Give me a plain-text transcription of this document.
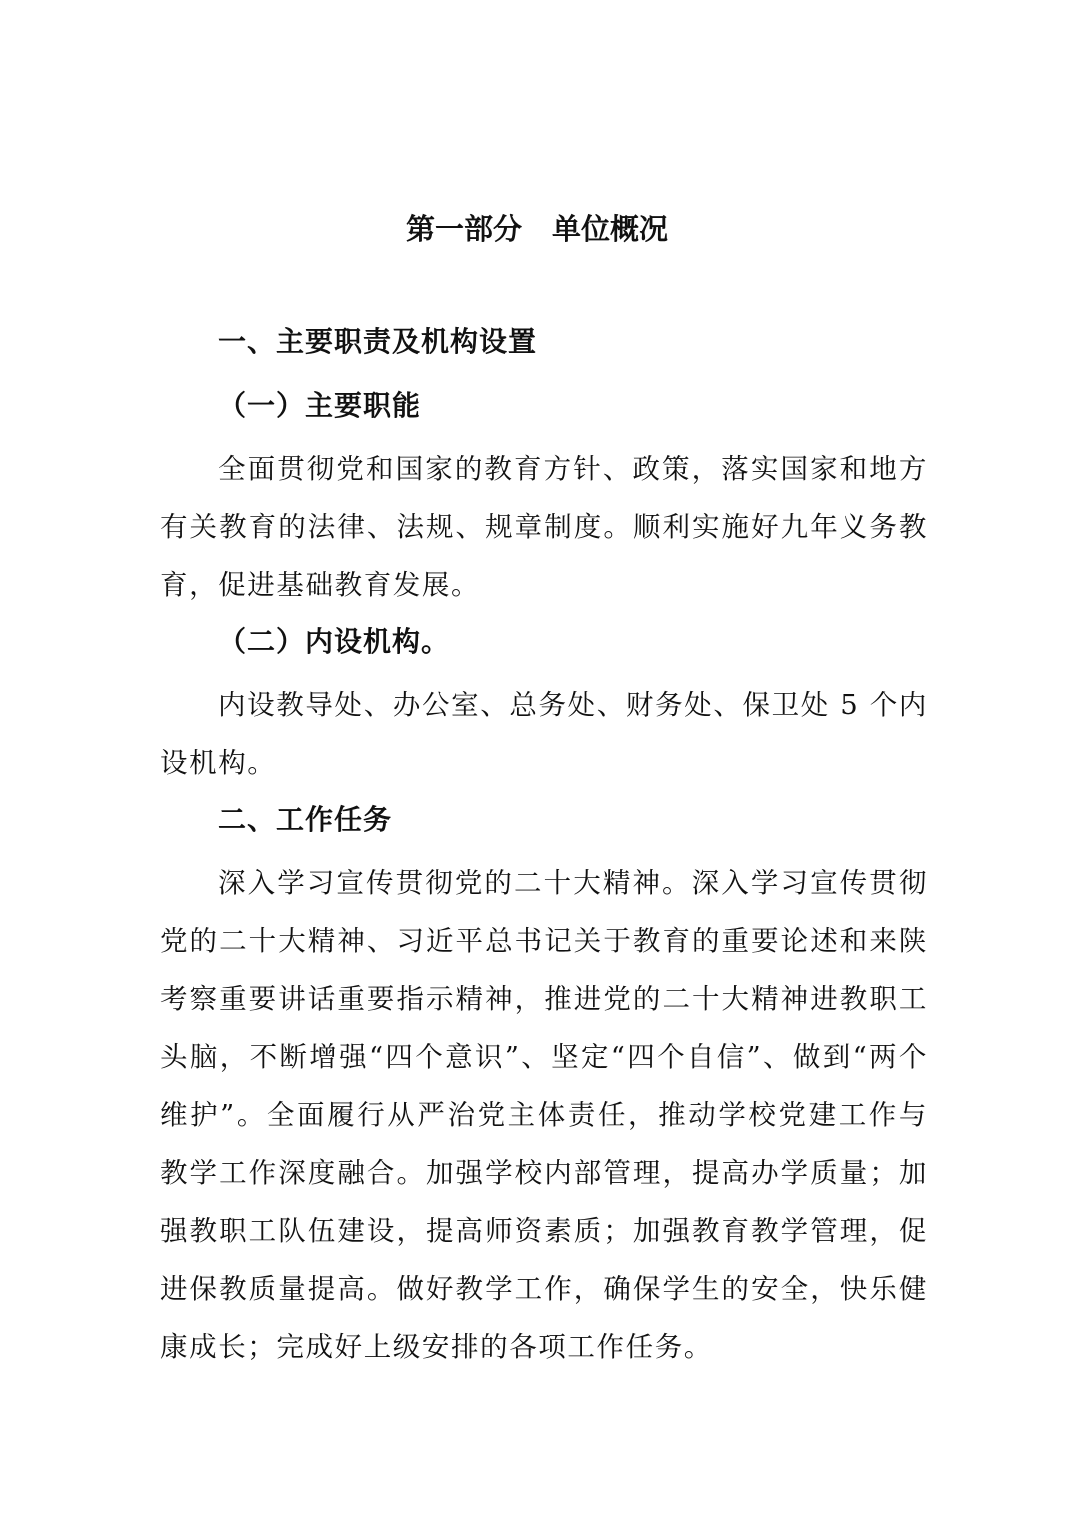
第一部分 单位概况
一、主要职责及机构设置
（一）主要职能

全面贯彻党和国家的教育方针、政策，落实国家和地方有关教育的法律、法规、规章制度。顺利实施好九年义务教育，促进基础教育发展。

（二）内设机构。

内设教导处、办公室、总务处、财务处、保卫处 5 个内设机构。

二、工作任务

深入学习宣传贯彻党的二十大精神。深入学习宣传贯彻党的二十大精神、习近平总书记关于教育的重要论述和来陕考察重要讲话重要指示精神，推进党的二十大精神进教职工头脑，不断增强“四个意识”、坚定“四个自信”、做到“两个维护”。全面履行从严治党主体责任，推动学校党建工作与教学工作深度融合。加强学校内部管理，提高办学质量；加强教职工队伍建设，提高师资素质；加强教育教学管理，促进保教质量提高。做好教学工作，确保学生的安全，快乐健康成长；完成好上级安排的各项工作任务。
